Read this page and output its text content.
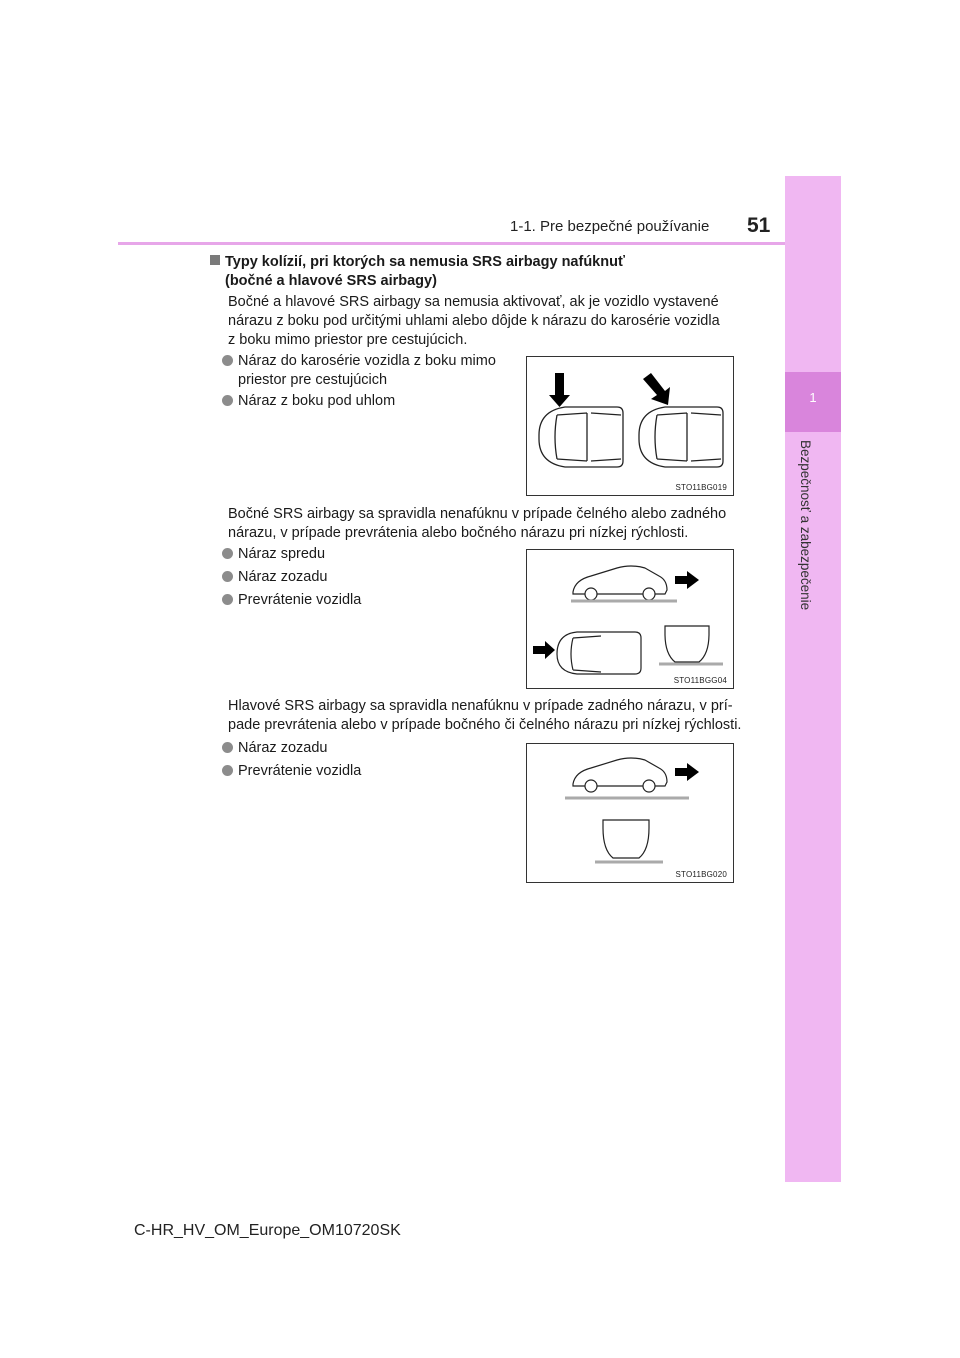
1-1. Pre bezpečné používanie 51
1
Bezpečnosť a zabezpečenie
Typy kolízií, pri ktorých sa nemusia SRS airbagy nafúknuť
(bočné a hlavové SRS airbagy)
Bočné a hlavové SRS airbagy sa nemusia aktivovať, ak je vozidlo vystavené
nárazu z boku pod určitými uhlami alebo dôjde k nárazu do karosérie vozidla
z boku mimo priestor pre cestujúcich.
Náraz do karosérie vozidla z boku mimo
priestor pre cestujúcich
Náraz z boku pod uhlom
STO11BG019
Bočné SRS airbagy sa spravidla nenafúknu v prípade čelného alebo zadného
nárazu, v prípade prevrátenia alebo bočného nárazu pri nízkej rýchlosti.
Náraz spredu
Náraz zozadu
Prevrátenie vozidla
STO11BGG04
Hlavové SRS airbagy sa spravidla nenafúknu v prípade zadného nárazu, v prí-
pade prevrátenia alebo v prípade bočného či čelného nárazu pri nízkej rýchlosti.
Náraz zozadu
Prevrátenie vozidla
STO11BG020
C-HR_HV_OM_Europe_OM10720SK
